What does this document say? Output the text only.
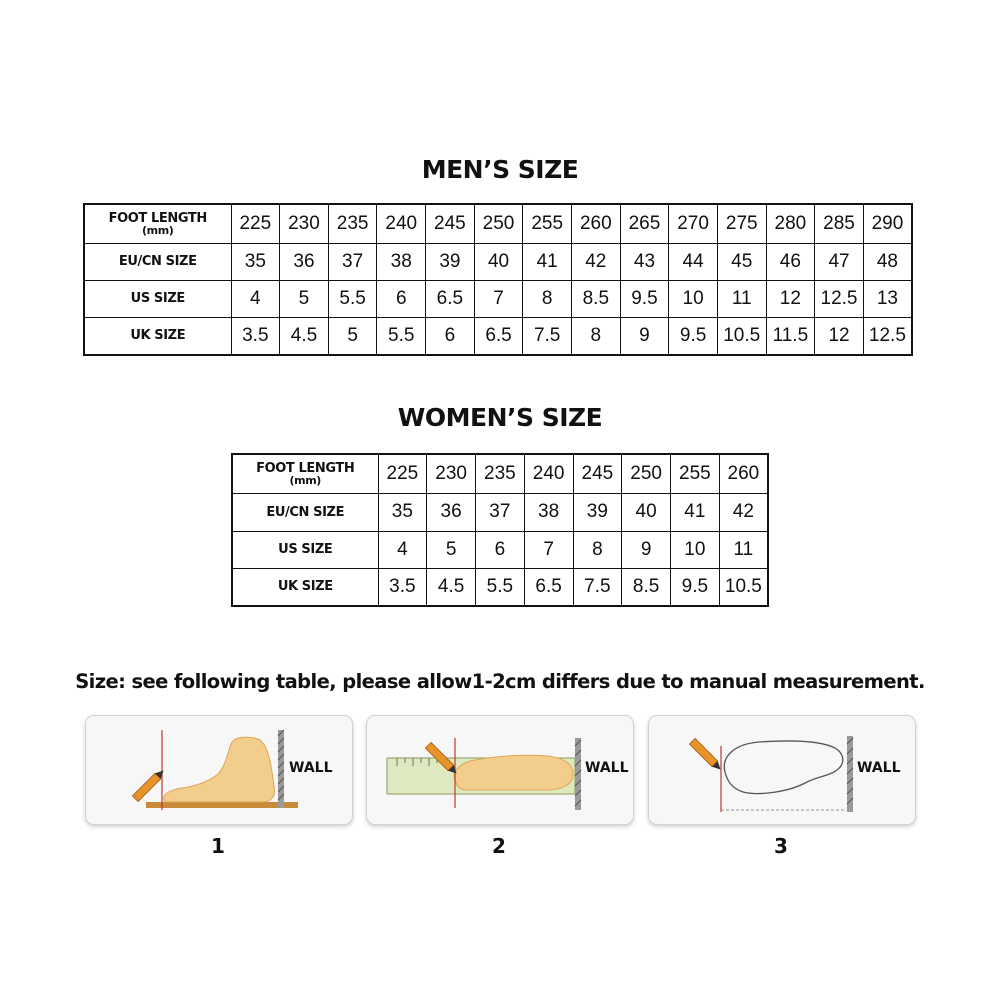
MEN’S SIZE
FOOT LENGTH
(mm)	225	230	235	240	245	250	255	260	265	270	275	280	285	290
EU/CN SIZE	35	36	37	38	39	40	41	42	43	44	45	46	47	48
US SIZE	4	5	5.5	6	6.5	7	8	8.5	9.5	10	11	12	12.5	13
UK SIZE	3.5	4.5	5	5.5	6	6.5	7.5	8	9	9.5	10.5	11.5	12	12.5
WOMEN’S SIZE
FOOT LENGTH
(mm)	225	230	235	240	245	250	255	260
EU/CN SIZE	35	36	37	38	39	40	41	42
US SIZE	4	5	6	7	8	9	10	11
UK SIZE	3.5	4.5	5.5	6.5	7.5	8.5	9.5	10.5
Size: see following table, please allow1-2cm differs due to manual measurement.
WALL	WALL	WALL
1	2	3
